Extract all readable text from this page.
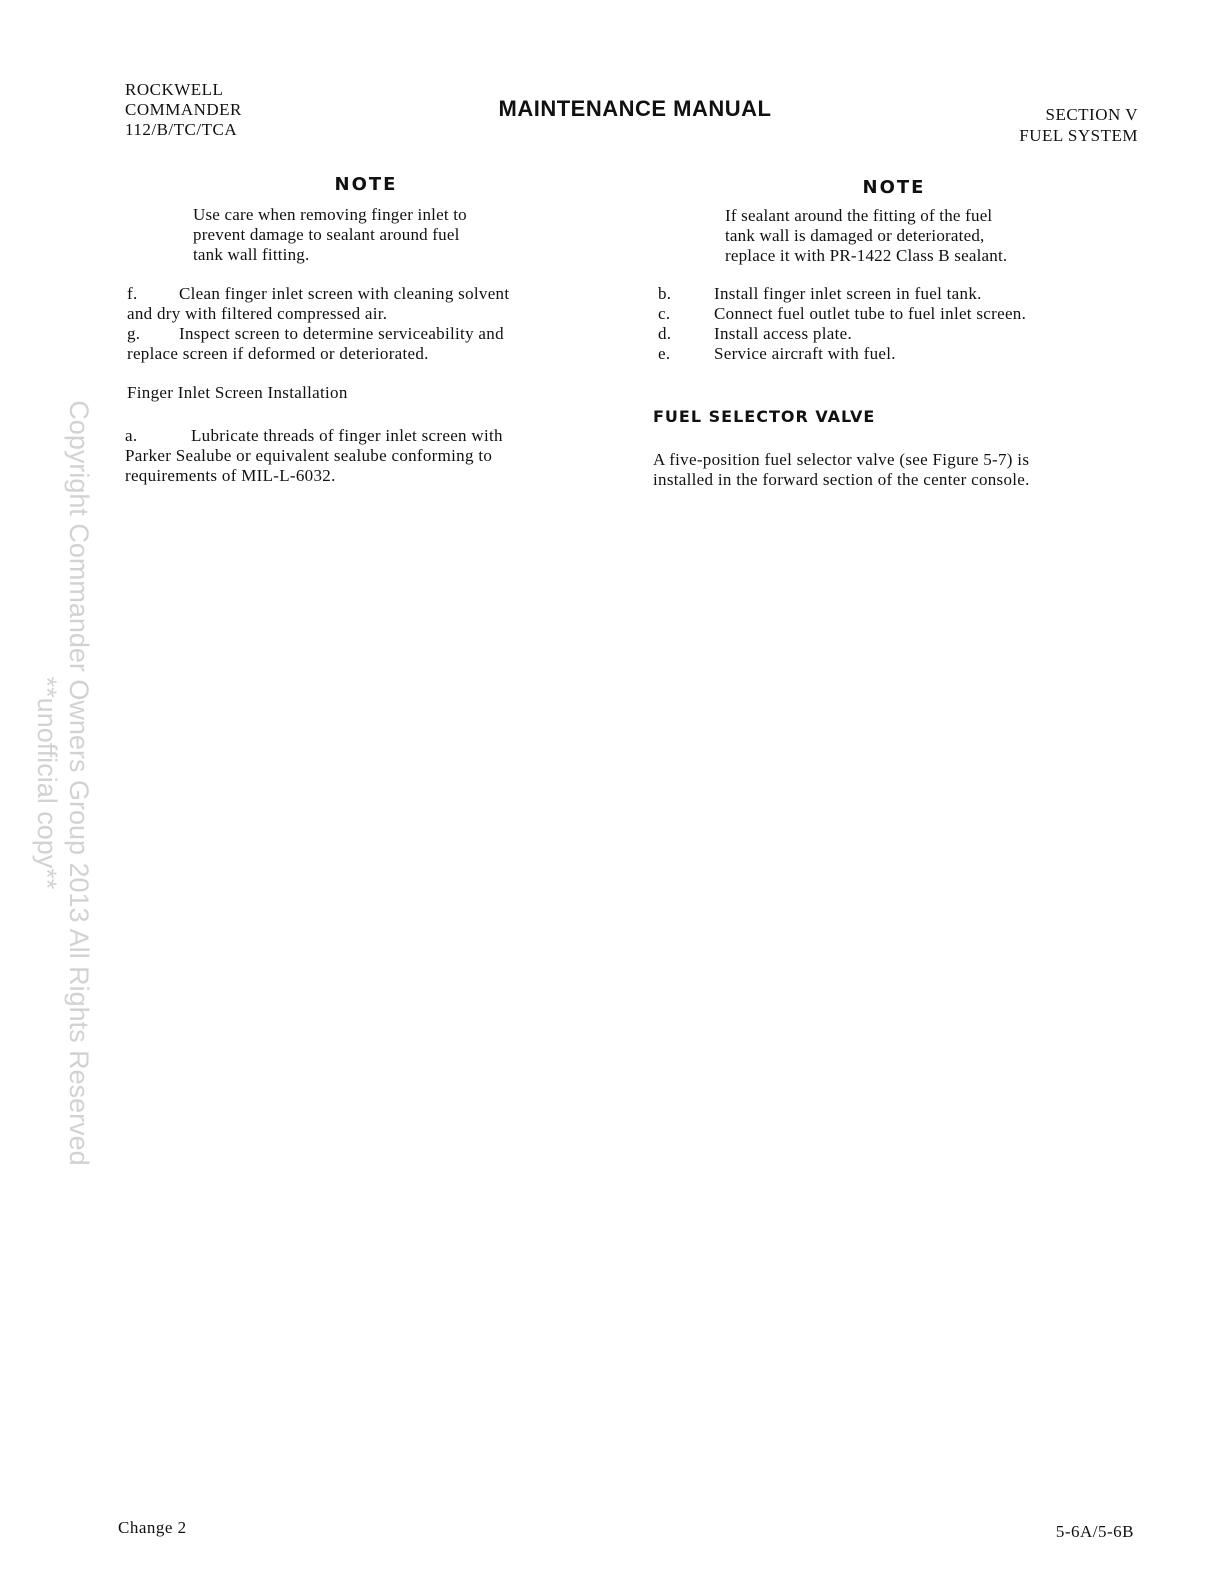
ROCKWELL
COMMANDER
112/B/TC/TCA
MAINTENANCE MANUAL	SECTION V
FUEL SYSTEM
NOTE
Use care when removing finger inlet to
prevent damage to sealant around fuel
tank wall fitting.
f.	Clean finger inlet screen with cleaning solvent
and dry with filtered compressed air.
g.	Inspect screen to determine serviceability and
replace screen if deformed or deteriorated.
Finger Inlet Screen Installation
a.	Lubricate threads of finger inlet screen with
Parker Sealube or equivalent sealube conforming to
requirements of MIL-L-6032.
NOTE
If sealant around the fitting of the fuel
tank wall is damaged or deteriorated,
replace it with PR-1422 Class B sealant.
b.	Install finger inlet screen in fuel tank.
c.	Connect fuel outlet tube to fuel inlet screen.
d.	Install access plate.
e.	Service aircraft with fuel.
FUEL SELECTOR VALVE
A five-position fuel selector valve (see Figure 5-7) is
installed in the forward section of the center console.
Copyright Commander Owners Group 2013 All Rights Reserved
**unofficial copy**
Change 2	5-6A/5-6B
